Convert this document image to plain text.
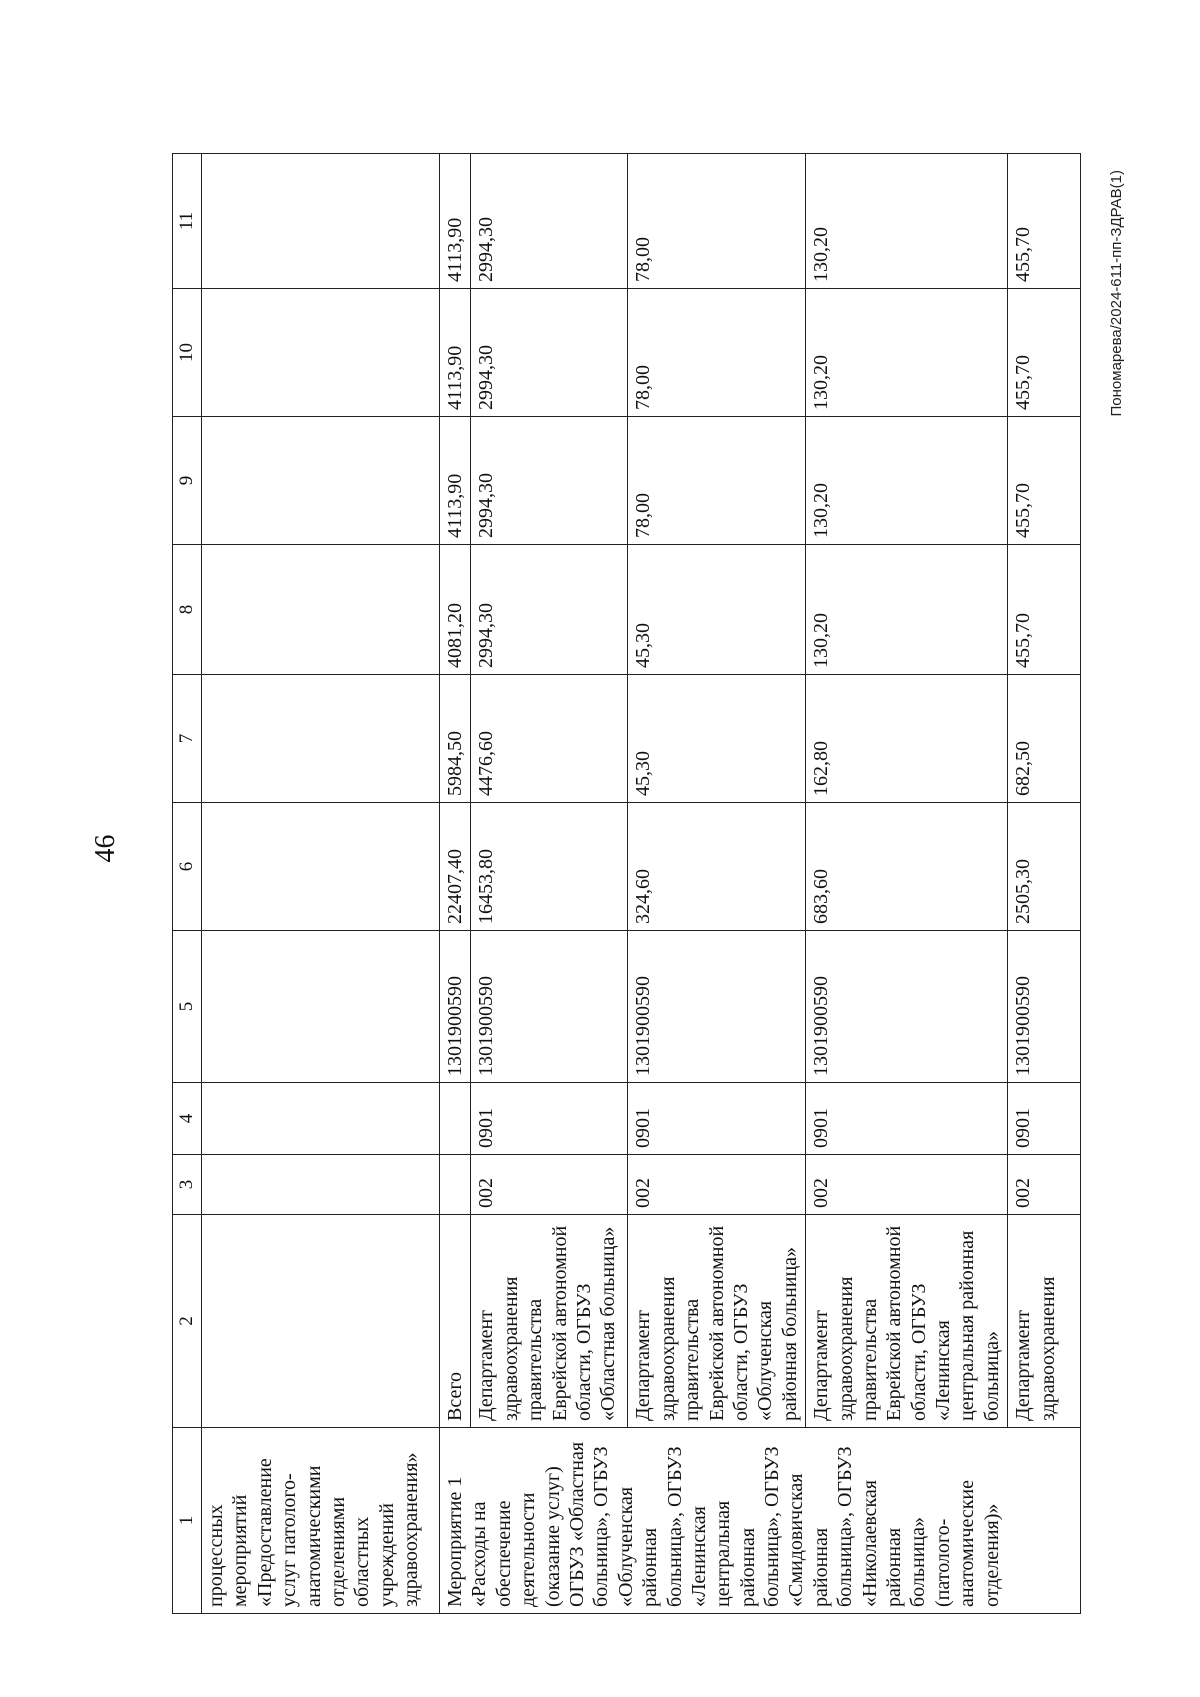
46
1	2	3	4	5	6	7	8	9	10	11
процессных мероприятий «Предоставление услуг патолого-анатомическими отделениями областных учреждений здравоохранения»										
Мероприятие 1 «Расходы на обеспечение деятельности (оказание услуг) ОГБУЗ «Областная больница», ОГБУЗ «Облученская районная больница», ОГБУЗ «Ленинская центральная районная больница», ОГБУЗ «Смидовичская районная больница», ОГБУЗ «Николаевская районная больница» (патолого-анатомические отделения)»	Всего			1301900590	22407,40	5984,50	4081,20	4113,90	4113,90	4113,90
	Департамент здравоохранения правительства Еврейской автономной области, ОГБУЗ «Областная больница»	002	0901	1301900590	16453,80	4476,60	2994,30	2994,30	2994,30	2994,30
	Департамент здравоохранения правительства Еврейской автономной области, ОГБУЗ «Облученская районная больница»	002	0901	1301900590	324,60	45,30	45,30	78,00	78,00	78,00
	Департамент здравоохранения правительства Еврейской автономной области, ОГБУЗ «Ленинская центральная районная больница»	002	0901	1301900590	683,60	162,80	130,20	130,20	130,20	130,20
	Департамент здравоохранения	002	0901	1301900590	2505,30	682,50	455,70	455,70	455,70	455,70	Пономарева/2024-611-пп-ЗДРАВ(1)
